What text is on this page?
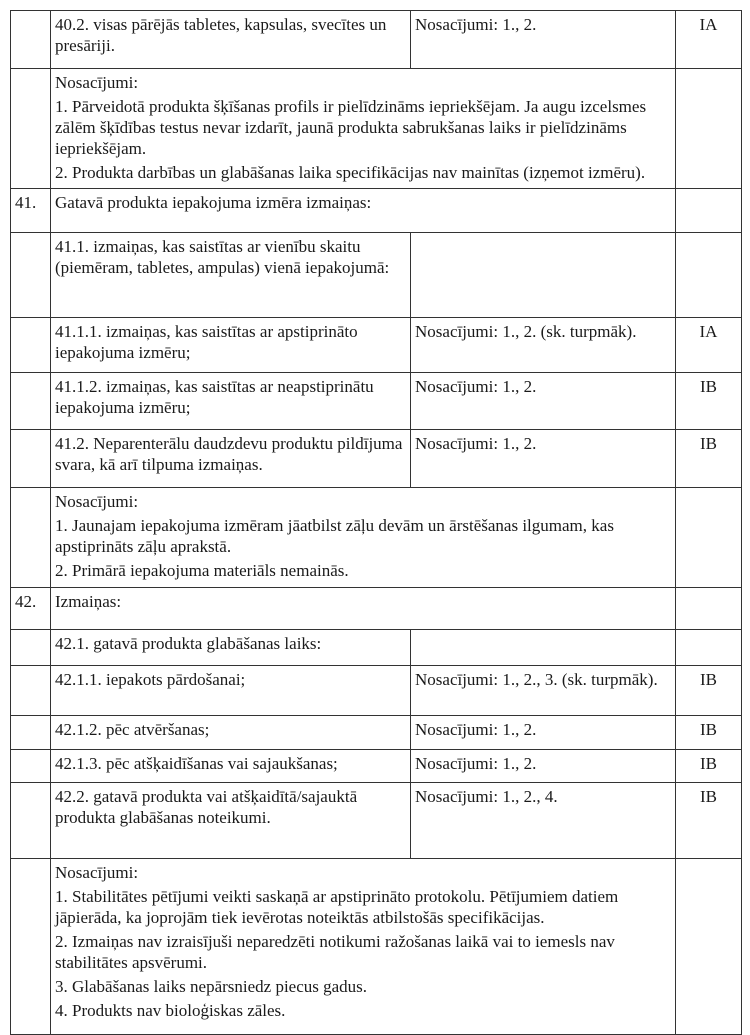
	40.2. visas pārējās tabletes, kapsulas, svecītes un presāriji.	Nosacījumi: 1., 2.	IA

	Nosacījumi:
1. Pārveidotā produkta šķīšanas profils ir pielīdzināms iepriekšējam. Ja augu izcelsmes zālēm šķīdības testus nevar izdarīt, jaunā produkta sabrukšanas laiks ir pielīdzināms iepriekšējam.
2. Produkta darbības un glabāšanas laika specifikācijas nav mainītas (izņemot izmēru).		

41.	Gatavā produkta iepakojuma izmēra izmaiņas:		
	41.1. izmaiņas, kas saistītas ar vienību skaitu (piemēram, tabletes, ampulas) vienā iepakojumā:		
	41.1.1. izmaiņas, kas saistītas ar apstiprināto iepakojuma izmēru;	Nosacījumi: 1., 2. (sk. turpmāk).	IA
	41.1.2. izmaiņas, kas saistītas ar neapstiprinātu iepakojuma izmēru;	Nosacījumi: 1., 2.	IB
	41.2. Neparenterālu daudzdevu produktu pildījuma svara, kā arī tilpuma izmaiņas.	Nosacījumi: 1., 2.	IB

	Nosacījumi:
1. Jaunajam iepakojuma izmēram jāatbilst zāļu devām un ārstēšanas ilgumam, kas apstiprināts zāļu aprakstā.
2. Primārā iepakojuma materiāls nemainās.		

42.	Izmaiņas:		
	42.1. gatavā produkta glabāšanas laiks:		
	42.1.1. iepakots pārdošanai;	Nosacījumi: 1., 2., 3. (sk. turpmāk).	IB
	42.1.2. pēc atvēršanas;	Nosacījumi: 1., 2.	IB
	42.1.3. pēc atšķaidīšanas vai sajaukšanas;	Nosacījumi: 1., 2.	IB
	42.2. gatavā produkta vai atšķaidītā/sajauktā produkta glabāšanas noteikumi.	Nosacījumi: 1., 2., 4.	IB

	Nosacījumi:
1. Stabilitātes pētījumi veikti saskaņā ar apstiprināto protokolu. Pētījumiem datiem jāpierāda, ka joprojām tiek ievērotas noteiktās atbilstošās specifikācijas.
2. Izmaiņas nav izraisījuši neparedzēti notikumi ražošanas laikā vai to iemesls nav stabilitātes apsvērumi.
3. Glabāšanas laiks nepārsniedz piecus gadus.
4. Produkts nav bioloģiskas zāles.		
